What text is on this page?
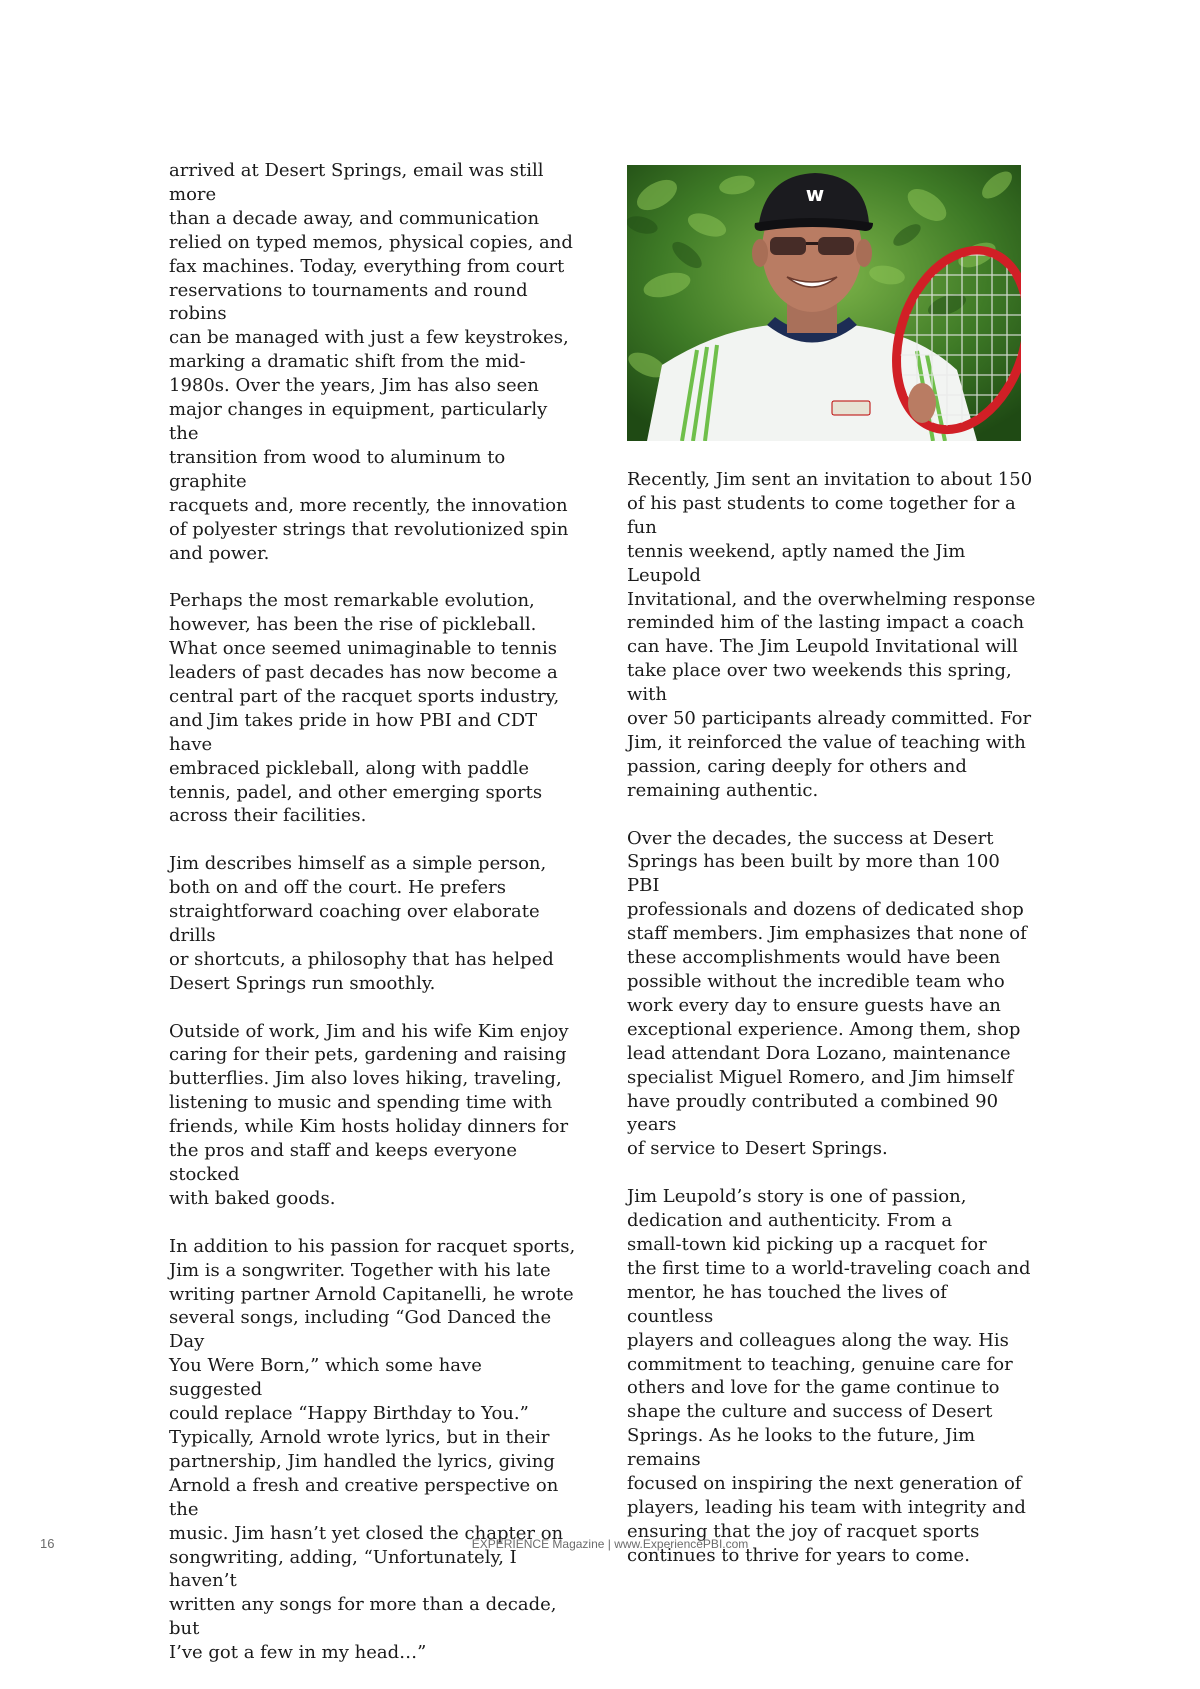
arrived at Desert Springs, email was still more
than a decade away, and communication
relied on typed memos, physical copies, and
fax machines. Today, everything from court
reservations to tournaments and round robins
can be managed with just a few keystrokes,
marking a dramatic shift from the mid-
1980s. Over the years, Jim has also seen
major changes in equipment, particularly the
transition from wood to aluminum to graphite
racquets and, more recently, the innovation
of polyester strings that revolutionized spin
and power.

Perhaps the most remarkable evolution,
however, has been the rise of pickleball.
What once seemed unimaginable to tennis
leaders of past decades has now become a
central part of the racquet sports industry,
and Jim takes pride in how PBI and CDT have
embraced pickleball, along with paddle
tennis, padel, and other emerging sports
across their facilities.

Jim describes himself as a simple person,
both on and off the court. He prefers
straightforward coaching over elaborate drills
or shortcuts, a philosophy that has helped
Desert Springs run smoothly.

Outside of work, Jim and his wife Kim enjoy
caring for their pets, gardening and raising
butterflies. Jim also loves hiking, traveling,
listening to music and spending time with
friends, while Kim hosts holiday dinners for
the pros and staff and keeps everyone stocked
with baked goods.

In addition to his passion for racquet sports,
Jim is a songwriter. Together with his late
writing partner Arnold Capitanelli, he wrote
several songs, including “God Danced the Day
You Were Born,” which some have suggested
could replace “Happy Birthday to You.”
Typically, Arnold wrote lyrics, but in their
partnership, Jim handled the lyrics, giving
Arnold a fresh and creative perspective on the
music. Jim hasn’t yet closed the chapter on
songwriting, adding, “Unfortunately, I haven’t
written any songs for more than a decade, but
I’ve got a few in my head…”

w

Recently, Jim sent an invitation to about 150
of his past students to come together for a fun
tennis weekend, aptly named the Jim Leupold
Invitational, and the overwhelming response
reminded him of the lasting impact a coach
can have. The Jim Leupold Invitational will
take place over two weekends this spring, with
over 50 participants already committed. For
Jim, it reinforced the value of teaching with
passion, caring deeply for others and
remaining authentic.

Over the decades, the success at Desert
Springs has been built by more than 100 PBI
professionals and dozens of dedicated shop
staff members. Jim emphasizes that none of
these accomplishments would have been
possible without the incredible team who
work every day to ensure guests have an
exceptional experience. Among them, shop
lead attendant Dora Lozano, maintenance
specialist Miguel Romero, and Jim himself
have proudly contributed a combined 90 years
of service to Desert Springs.

Jim Leupold’s story is one of passion,
dedication and authenticity. From a
small-town kid picking up a racquet for
the first time to a world-traveling coach and
mentor, he has touched the lives of countless
players and colleagues along the way. His
commitment to teaching, genuine care for
others and love for the game continue to
shape the culture and success of Desert
Springs. As he looks to the future, Jim remains
focused on inspiring the next generation of
players, leading his team with integrity and
ensuring that the joy of racquet sports
continues to thrive for years to come.

16	EXPERIENCE Magazine | www.ExperiencePBI.com
